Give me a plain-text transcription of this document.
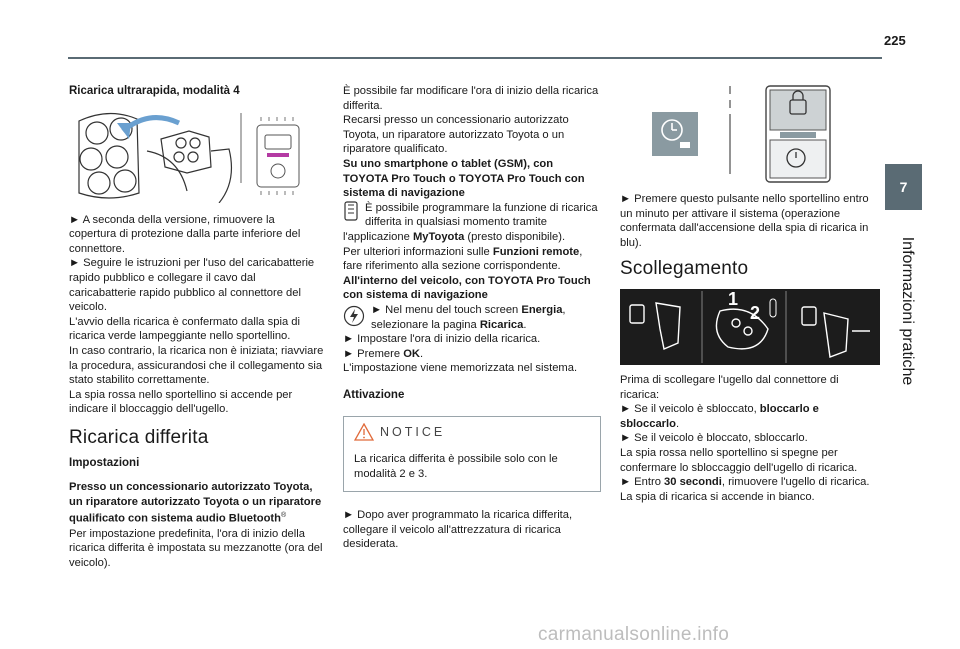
225
7
Informazioni pratiche

Ricarica ultrarapida, modalità 4

► A seconda della versione, rimuovere la copertura di protezione dalla parte inferiore del connettore.

► Seguire le istruzioni per l'uso del caricabatterie rapido pubblico e collegare il cavo dal caricabatterie rapido pubblico al connettore del veicolo.

L'avvio della ricarica è confermato dalla spia di ricarica verde lampeggiante nello sportellino.

In caso contrario, la ricarica non è iniziata; riavviare la procedura, assicurandosi che il collegamento sia stato stabilito correttamente.

La spia rossa nello sportellino si accende per indicare il bloccaggio dell'ugello.

Ricarica differita

Impostazioni

Presso un concessionario autorizzato Toyota, un riparatore autorizzato Toyota o un riparatore qualificato con sistema audio Bluetooth®

Per impostazione predefinita, l'ora di inizio della ricarica differita è impostata su mezzanotte (ora del veicolo).

È possibile far modificare l'ora di inizio della ricarica differita.

Recarsi presso un concessionario autorizzato Toyota, un riparatore autorizzato Toyota o un riparatore qualificato.

Su uno smartphone o tablet (GSM), con TOYOTA Pro Touch o TOYOTA Pro Touch con sistema di navigazione

È possibile programmare la funzione di ricarica differita in qualsiasi momento tramite l'applicazione MyToyota (presto disponibile).

Per ulteriori informazioni sulle Funzioni remote, fare riferimento alla sezione corrispondente.

All'interno del veicolo, con TOYOTA Pro Touch con sistema di navigazione

► Nel menu del touch screen Energia, selezionare la pagina Ricarica.

► Impostare l'ora di inizio della ricarica.

► Premere OK.

L'impostazione viene memorizzata nel sistema.

Attivazione

NOTICE

La ricarica differita è possibile solo con le modalità 2 e 3.

► Dopo aver programmato la ricarica differita, collegare il veicolo all'attrezzatura di ricarica desiderata.

► Premere questo pulsante nello sportellino entro un minuto per attivare il sistema (operazione confermata dall'accensione della spia di ricarica in blu).

Scollegamento

1
2

Prima di scollegare l'ugello dal connettore di ricarica:

► Se il veicolo è sbloccato, bloccarlo e sbloccarlo.

► Se il veicolo è bloccato, sbloccarlo.

La spia rossa nello sportellino si spegne per confermare lo sbloccaggio dell'ugello di ricarica.

► Entro 30 secondi, rimuovere l'ugello di ricarica.

La spia di ricarica si accende in bianco.

carmanualsonline.info
